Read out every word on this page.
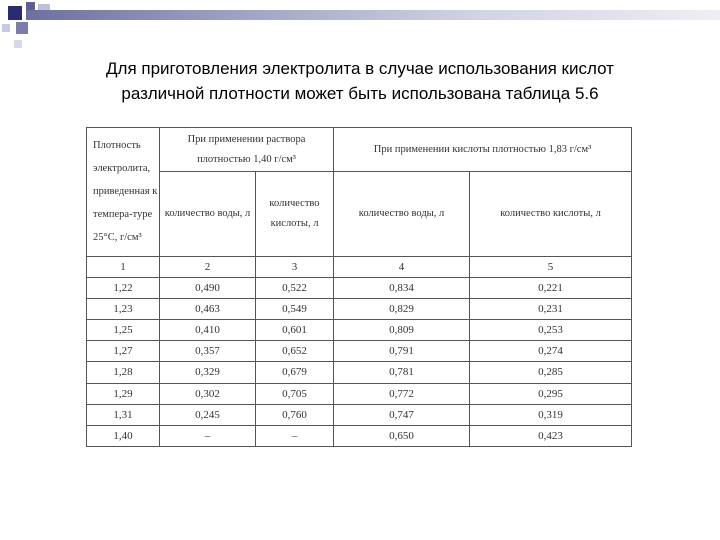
Для приготовления электролита в случае использования кислот
различной плотности может быть использована таблица 5.6
Плотность электролита, приведенная к темпера-туре 25°C, г/см³	При применении раствора плотностью 1,40 г/см³		При применении кислоты плотностью 1,83 г/см³	
	количество воды, л	количество кислоты, л	количество воды, л	количество кислоты, л
1	2	3	4	5
1,22	0,490	0,522	0,834	0,221
1,23	0,463	0,549	0,829	0,231
1,25	0,410	0,601	0,809	0,253
1,27	0,357	0,652	0,791	0,274
1,28	0,329	0,679	0,781	0,285
1,29	0,302	0,705	0,772	0,295
1,31	0,245	0,760	0,747	0,319
1,40	–	–	0,650	0,423
